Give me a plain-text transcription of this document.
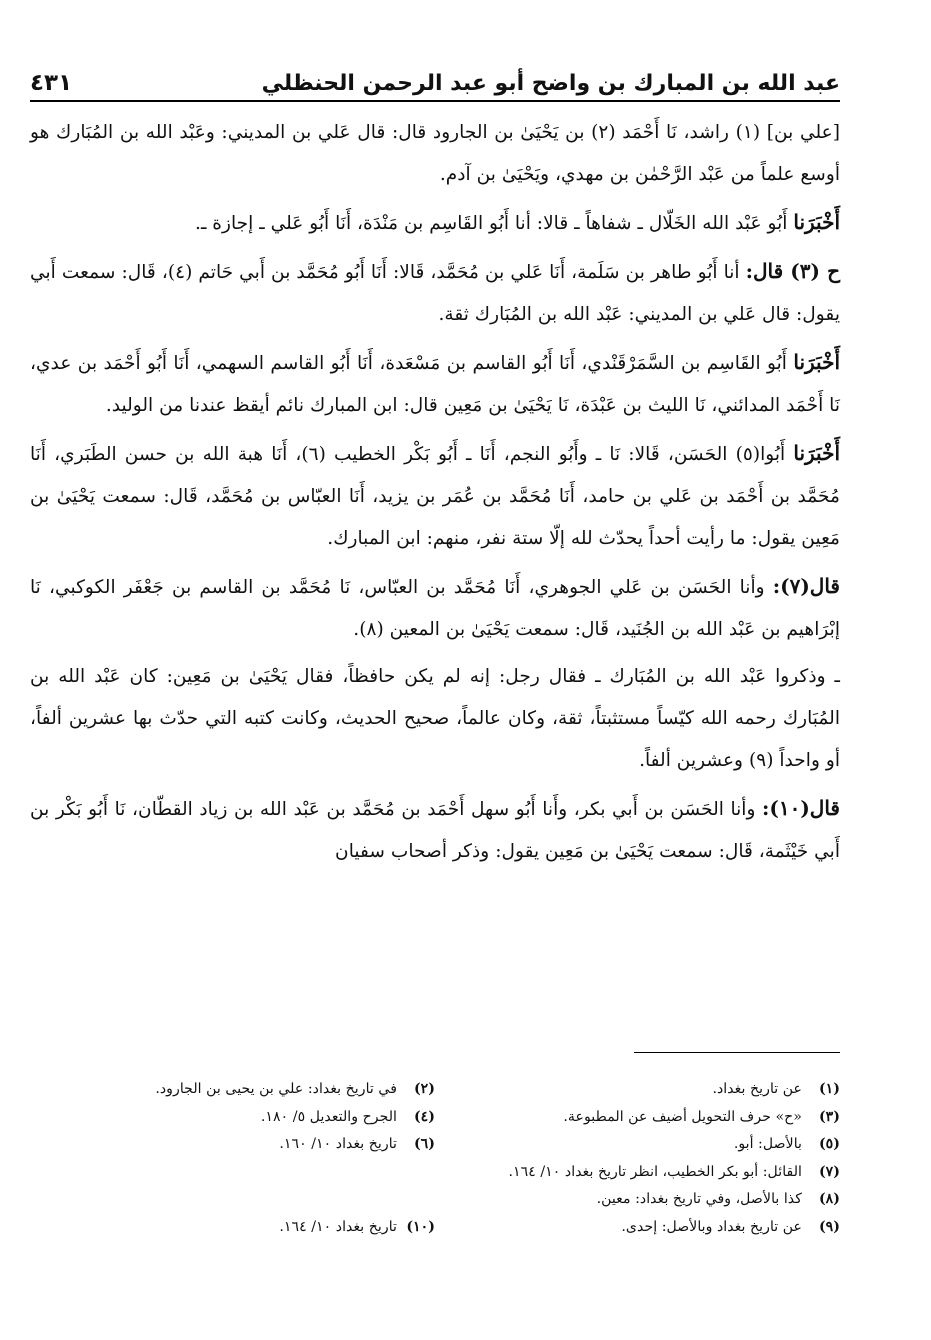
عبد الله بن المبارك بن واضح أبو عبد الرحمن الحنظلي
٤٣١

[علي بن] (١) راشد، نَا أَحْمَد (٢) بن يَحْيَىٰ بن الجارود قال: قال عَلي بن المديني: وعَبْد الله بن المُبَارك هو أوسع علماً من عَبْد الرَّحْمٰن بن مهدي، ويَحْيَىٰ بن آدم.

أَخْبَرَنا أَبُو عَبْد الله الخَلّال ـ شفاهاً ـ قالا: أنا أَبُو القَاسِم بن مَنْدَة، أَنَا أَبُو عَلي ـ إجازة ـ.

ح (٣) قال: أنا أَبُو طاهر بن سَلَمة، أَنَا عَلي بن مُحَمَّد، قَالا: أَنَا أَبُو مُحَمَّد بن أَبي حَاتم (٤)، قَال: سمعت أَبي يقول: قال عَلي بن المديني: عَبْد الله بن المُبَارك ثقة.

أَخْبَرَنا أَبُو القَاسِم بن السَّمَرْقَنْدي، أَنَا أَبُو القاسم بن مَسْعَدة، أَنَا أَبُو القاسم السهمي، أَنَا أَبُو أَحْمَد بن عدي، نَا أَحْمَد المدائني، نَا الليث بن عَبْدَة، نَا يَحْيَىٰ بن مَعِين قال: ابن المبارك نائم أيقظ عندنا من الوليد.

أَخْبَرَنا أَبُوا(٥) الحَسَن، قَالا: نَا ـ وأَبُو النجم، أَنَا ـ أَبُو بَكْر الخطيب (٦)، أَنَا هبة الله بن حسن الطَبَري، أَنَا مُحَمَّد بن أَحْمَد بن عَلي بن حامد، أَنَا مُحَمَّد بن عُمَر بن يزيد، أَنَا العبّاس بن مُحَمَّد، قَال: سمعت يَحْيَىٰ بن مَعِين يقول: ما رأيت أحداً يحدّث لله إلّا ستة نفر، منهم: ابن المبارك.

قال(٧): وأنا الحَسَن بن عَلي الجوهري، أَنَا مُحَمَّد بن العبّاس، نَا مُحَمَّد بن القاسم بن جَعْفَر الكوكبي، نَا إبْرَاهيم بن عَبْد الله بن الجُنَيد، قَال: سمعت يَحْيَىٰ بن المعين (٨).

ـ وذكروا عَبْد الله بن المُبَارك ـ فقال رجل: إنه لم يكن حافظاً، فقال يَحْيَىٰ بن مَعِين: كان عَبْد الله بن المُبَارك رحمه الله كيّساً مستثبتاً، ثقة، وكان عالماً، صحيح الحديث، وكانت كتبه التي حدّث بها عشرين ألفاً، أو واحداً (٩) وعشرين ألفاً.

قال(١٠): وأنا الحَسَن بن أَبي بكر، وأَنا أَبُو سهل أَحْمَد بن مُحَمَّد بن عَبْد الله بن زياد القطّان، نَا أَبُو بَكْر بن أَبي خَيْثَمة، قَال: سمعت يَحْيَىٰ بن مَعِين يقول: وذكر أصحاب سفيان

(١)عن تاريخ بغداد.
(٢)في تاريخ بغداد: علي بن يحيى بن الجارود.
(٣)«ح» حرف التحويل أضيف عن المطبوعة.
(٤)الجرح والتعديل ٥/ ١٨٠.
(٥)بالأصل: أبو.
(٦)تاريخ بغداد ١٠/ ١٦٠.
(٧)القائل: أبو بكر الخطيب، انظر تاريخ بغداد ١٠/ ١٦٤.
(٨)كذا بالأصل، وفي تاريخ بغداد: معين.
(٩)عن تاريخ بغداد وبالأصل: إحدى.
(١٠)تاريخ بغداد ١٠/ ١٦٤.
